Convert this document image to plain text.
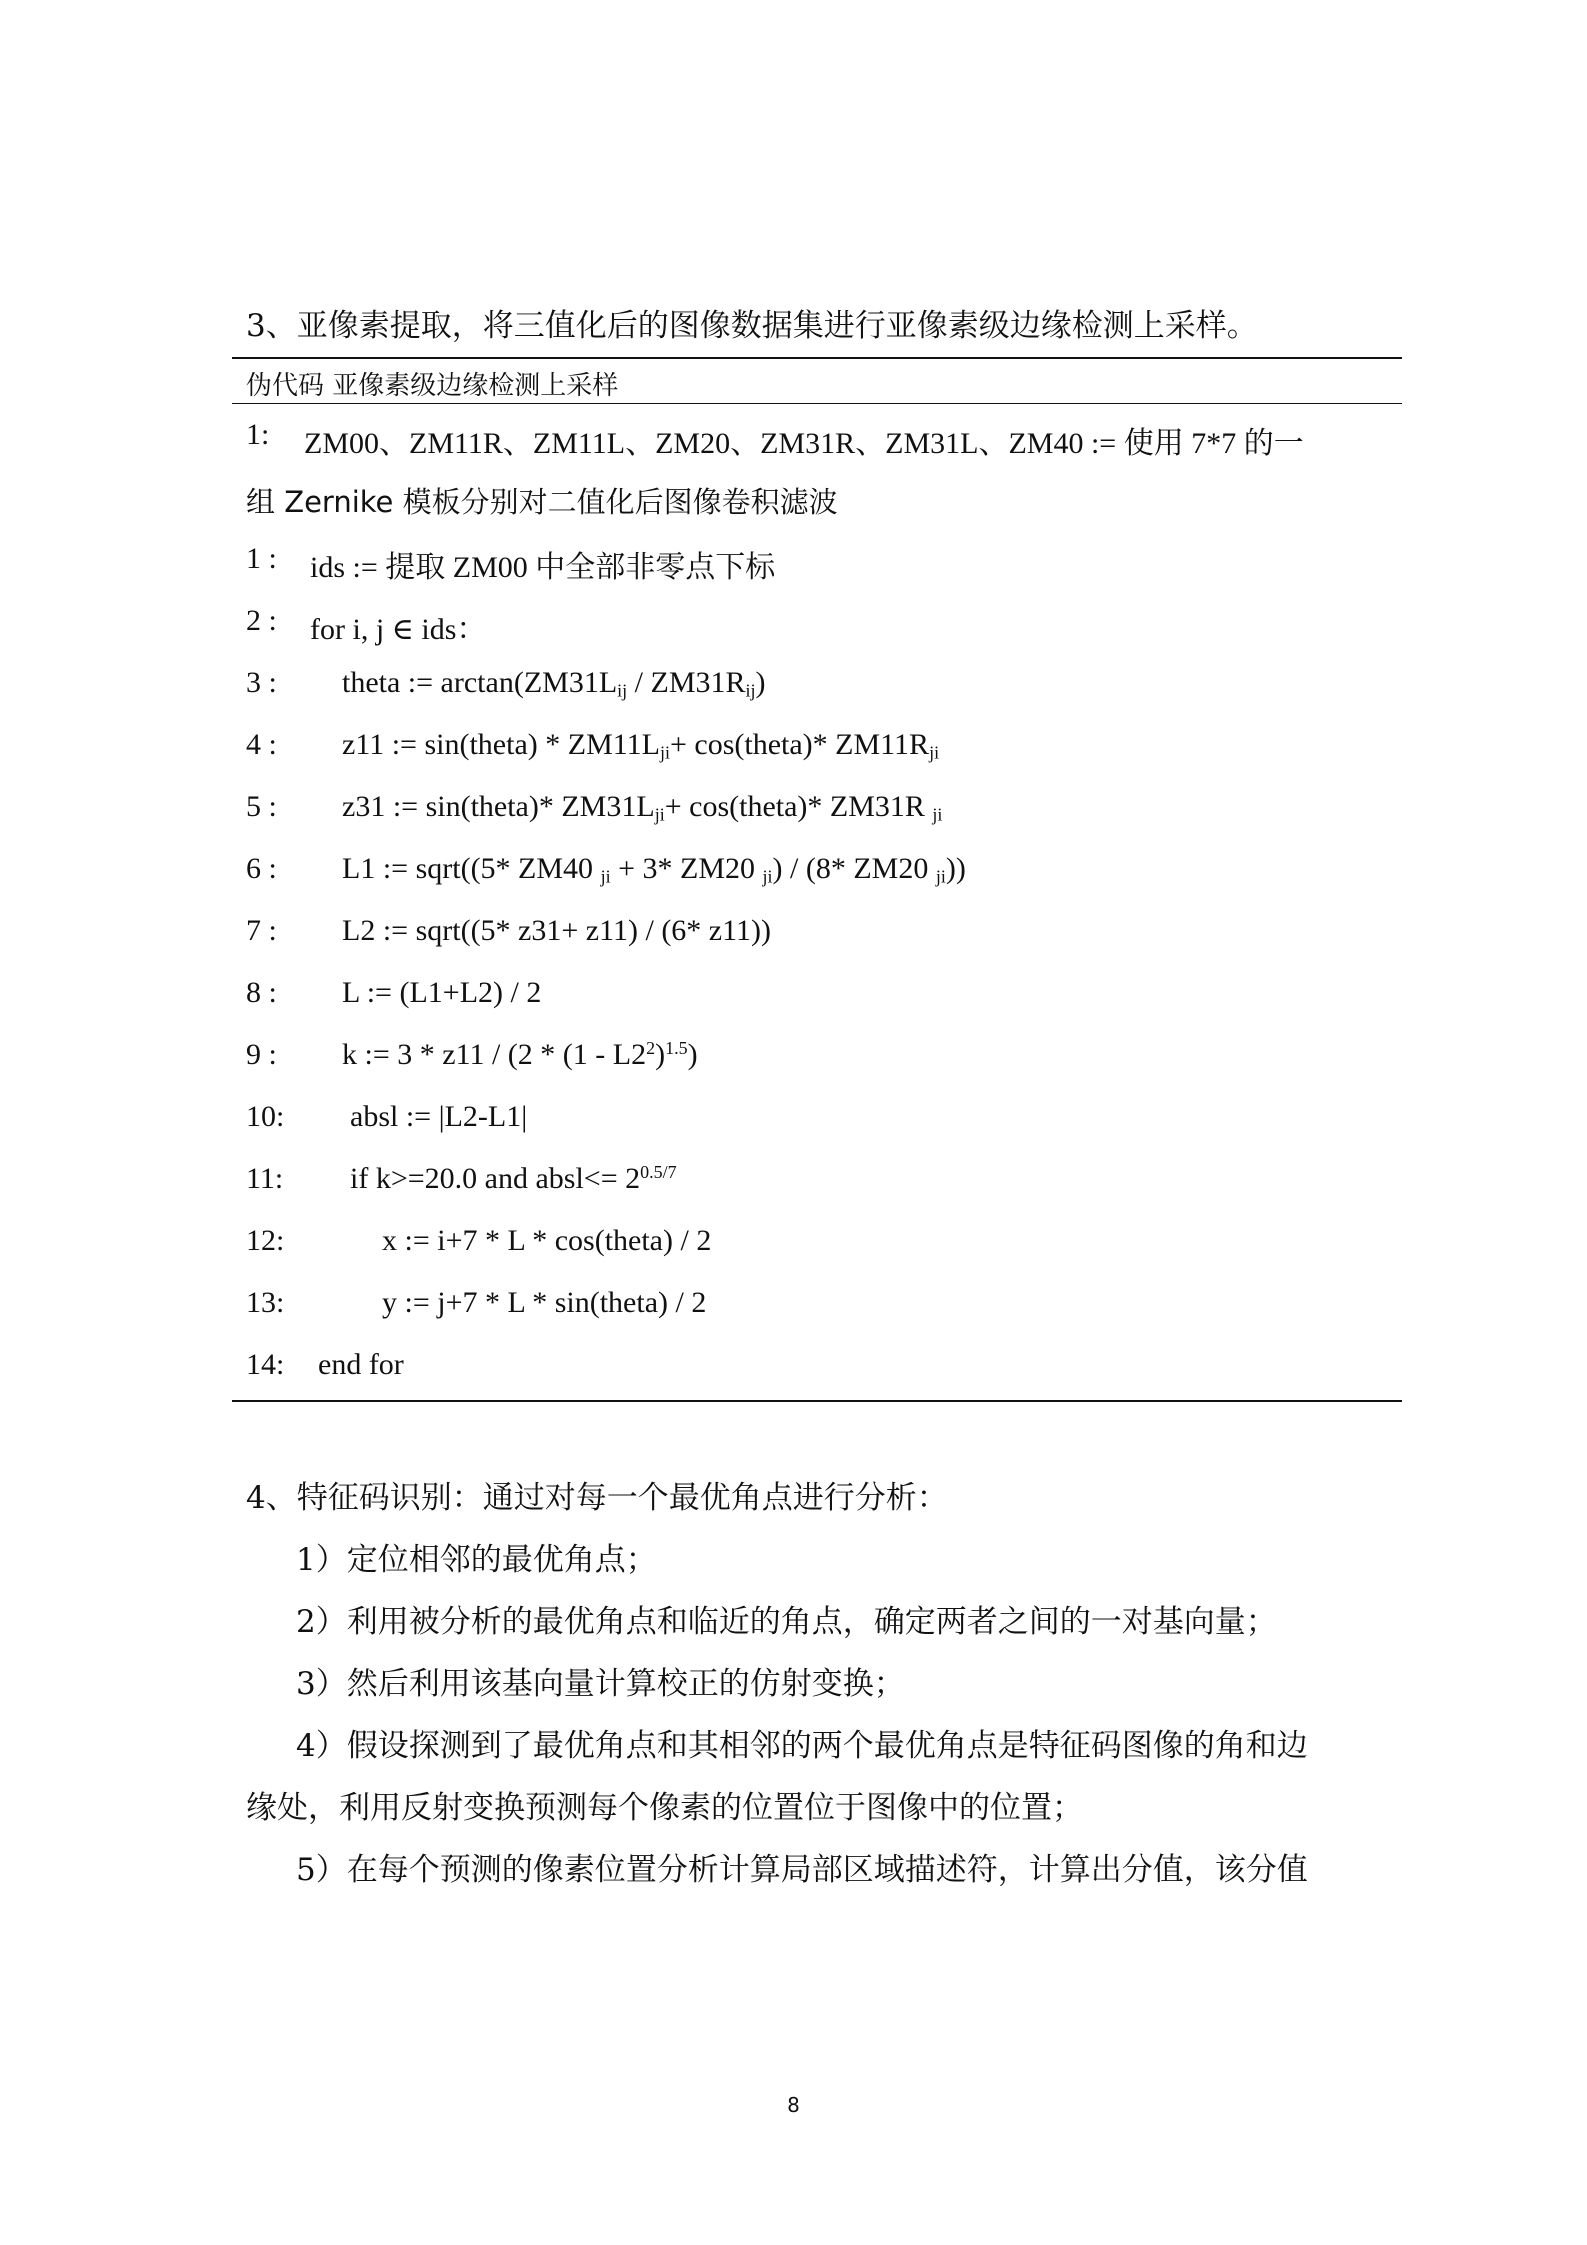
3、亚像素提取，将三值化后的图像数据集进行亚像素级边缘检测上采样。
伪代码 亚像素级边缘检测上采样
1: ZM00、ZM11R、ZM11L、ZM20、ZM31R、ZM31L、ZM40 := 使用 7*7 的一
组 Zernike 模板分别对二值化后图像卷积滤波
1 : ids := 提取 ZM00 中全部非零点下标
2 : for i, j ∈ ids：
3 : theta := $\arctan(ZM31L_{ij} / ZM31R_{ij})$
4 : z11 := sin(theta) * $ZM11L_{ji}+$ cos(theta)* $ZM11R_{ji}$
5 : z31 := sin(theta)* $ZM31L_{ji}+$ cos(theta)* ZM31R $_{ji}$
6 : L1 := sqrt((5* ZM40 $_{ji}$ + 3* ZM20 $_{ji}$) / (8* ZM20 $_{ji}$))
7 : L2 := sqrt((5* z31+ z11) / (6* z11))
8 : L := (L1+L2) / 2
9 : k := $3 * z11 / (2 * (1 - L2^2)^{1.5})$
10: absl := |L2-L1|
11: if k>=20.0 and absl<= $2^{0.5/7}$
12:	x := i+7 * L * cos(theta) / 2
13:	y := j+7 * L * sin(theta) / 2
14: end for
4、特征码识别：通过对每一个最优角点进行分析：
1）定位相邻的最优角点；
2）利用被分析的最优角点和临近的角点，确定两者之间的一对基向量；
3）然后利用该基向量计算校正的仿射变换；
4）假设探测到了最优角点和其相邻的两个最优角点是特征码图像的角和边
缘处，利用反射变换预测每个像素的位置位于图像中的位置；
5）在每个预测的像素位置分析计算局部区域描述符，计算出分值，该分值
8
